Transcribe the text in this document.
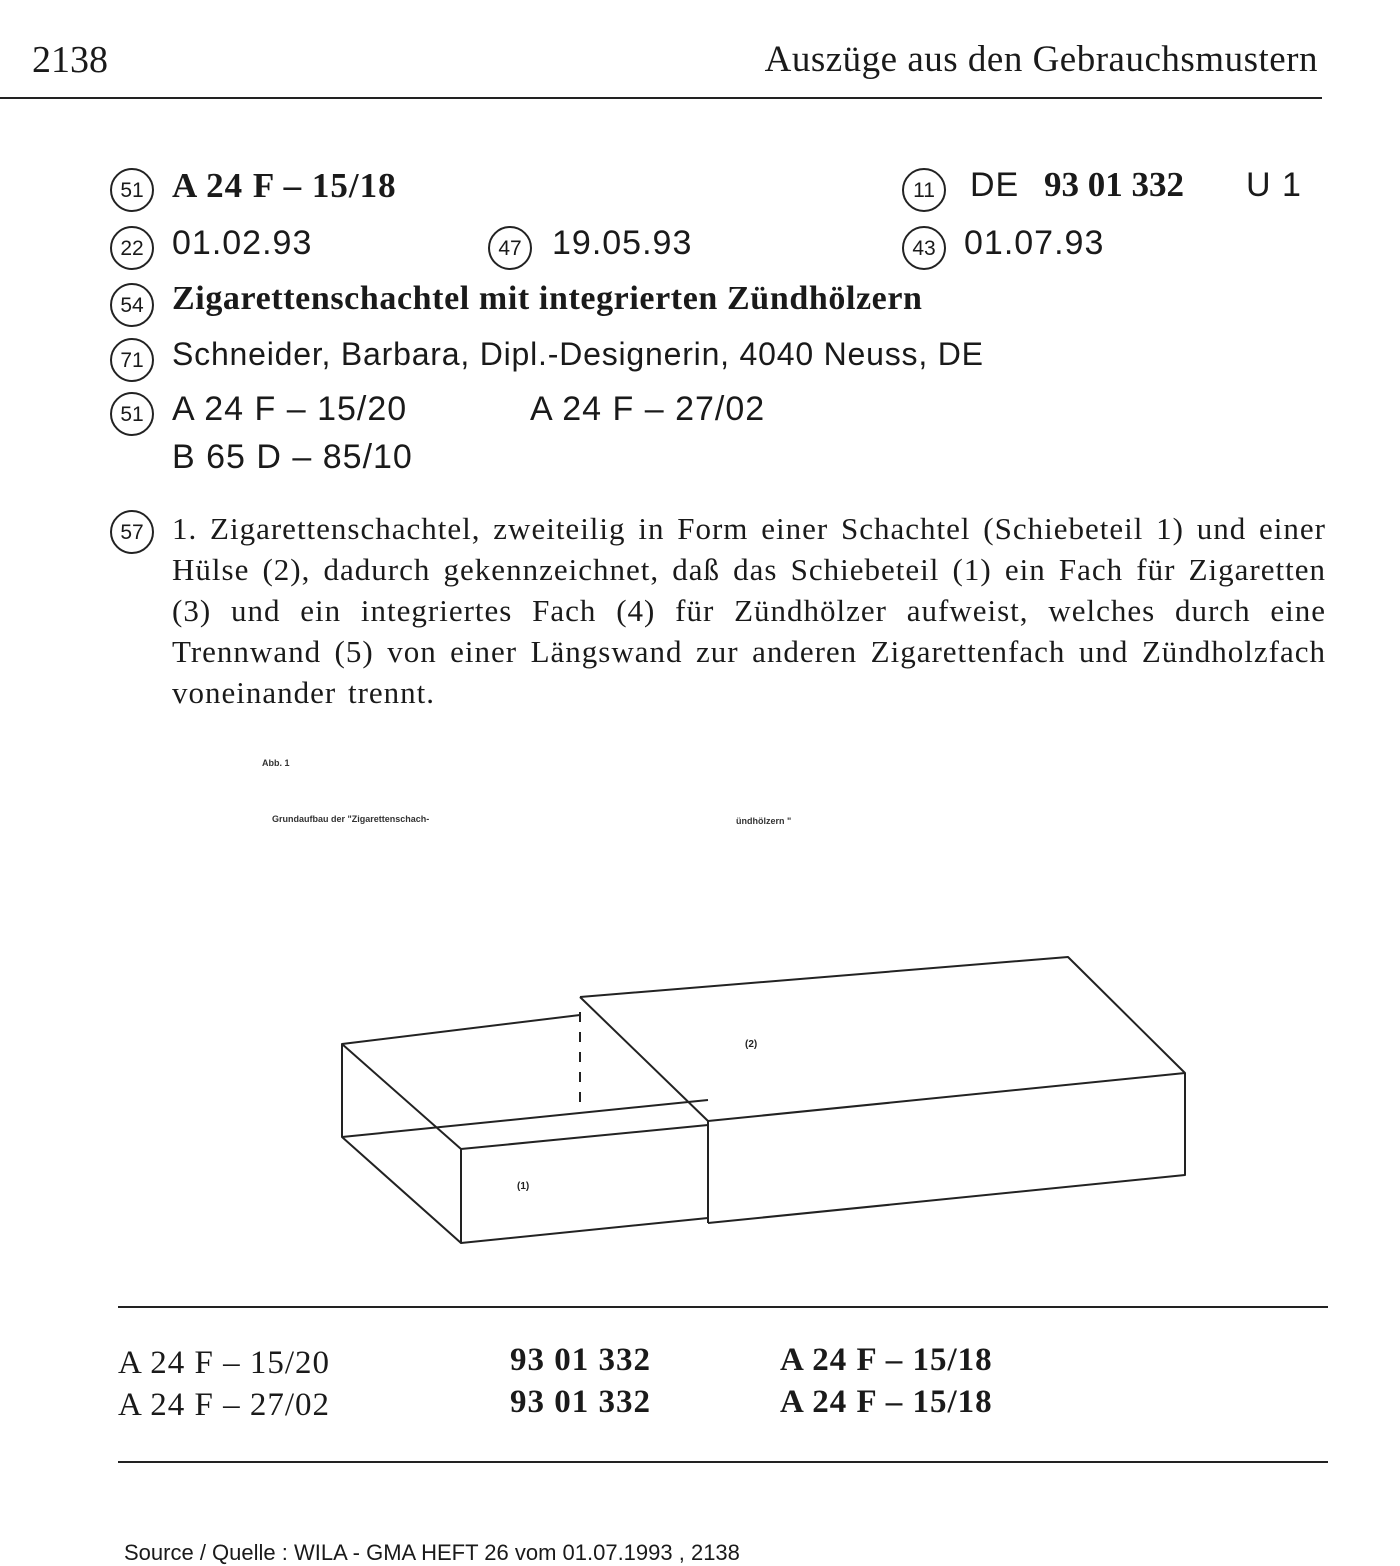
2138	Auszüge aus den Gebrauchsmustern
51 A 24 F – 15/18	11	DE 93 01 332 U 1
22 01.02.93	47 19.05.93	43 01.07.93
54 Zigarettenschachtel mit integrierten Zündhölzern
71 Schneider, Barbara, Dipl.-Designerin, 4040 Neuss, DE
51 A 24 F – 15/20	A 24 F – 27/02
B 65 D – 85/10
57 1. Zigarettenschachtel, zweiteilig in Form einer Schachtel (Schiebeteil 1) und einer Hülse (2), dadurch gekennzeichnet, daß das Schiebeteil (1) ein Fach für Zigaretten (3) und ein integriertes Fach (4) für Zündhölzer aufweist, welches durch eine Trennwand (5) von einer Längswand zur anderen Zigarettenfach und Zündholzfach voneinander trennt.
Abb. 1
Grundaufbau der "Zigarettenschach-	ündhölzern "
(2)
(1)
A 24 F – 15/20	93 01 332	A 24 F – 15/18
A 24 F – 27/02	93 01 332	A 24 F – 15/18
Source / Quelle : WILA - GMA HEFT 26 vom 01.07.1993 , 2138
